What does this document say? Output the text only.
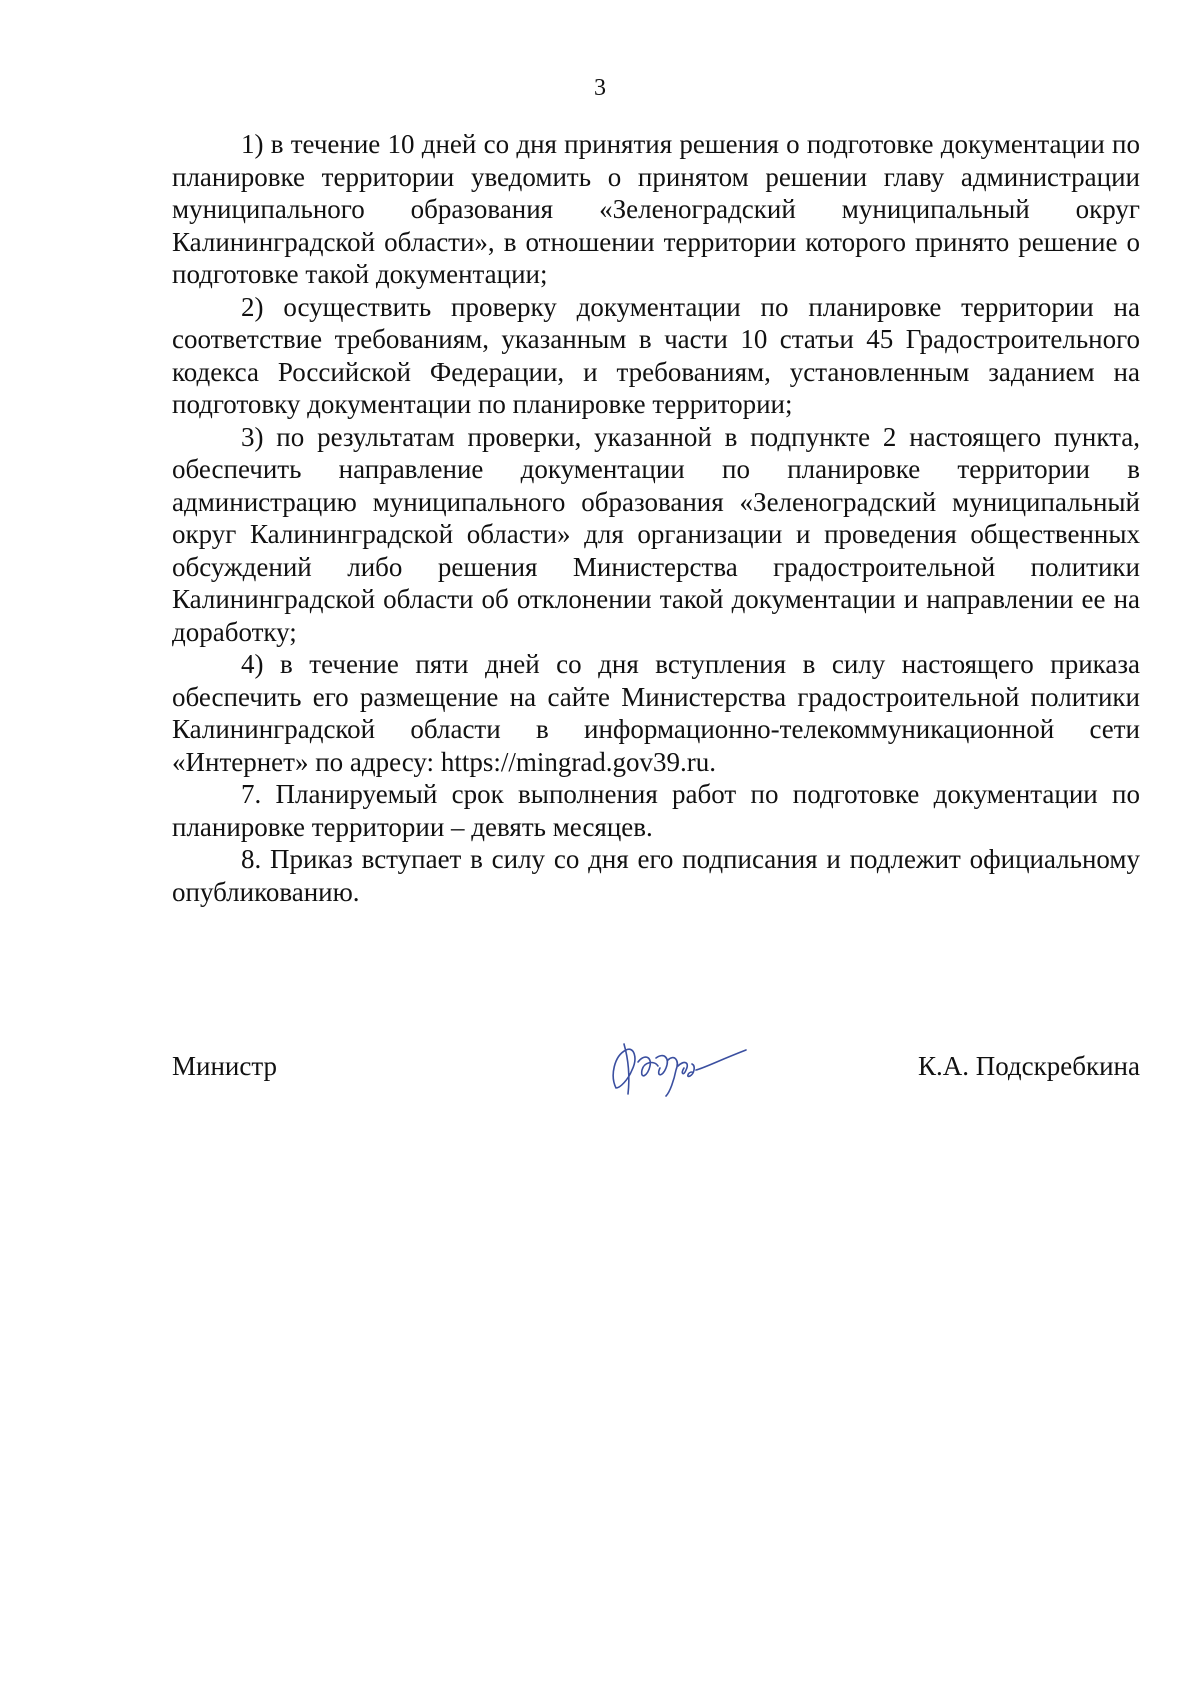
3

1) в течение 10 дней со дня принятия решения о подготовке документации по планировке территории уведомить о принятом решении главу администрации муниципального образования «Зеленоградский муниципальный округ Калининградской области», в отношении территории которого принято решение о подготовке такой документации;

2) осуществить проверку документации по планировке территории на соответствие требованиям, указанным в части 10 статьи 45 Градостроительного кодекса Российской Федерации, и требованиям, установленным заданием на подготовку документации по планировке территории;

3) по результатам проверки, указанной в подпункте 2 настоящего пункта, обеспечить направление документации по планировке территории в администрацию муниципального образования «Зеленоградский муниципальный округ Калининградской области» для организации и проведения общественных обсуждений либо решения Министерства градостроительной политики Калининградской области об отклонении такой документации и направлении ее на доработку;

4) в течение пяти дней со дня вступления в силу настоящего приказа обеспечить его размещение на сайте Министерства градостроительной политики Калининградской области в информационно-телекоммуникационной сети «Интернет» по адресу: https://mingrad.gov39.ru.

7. Планируемый срок выполнения работ по подготовке документации по планировке территории – девять месяцев.

8. Приказ вступает в силу со дня его подписания и подлежит официальному опубликованию.

Министр	К.А. Подскребкина
